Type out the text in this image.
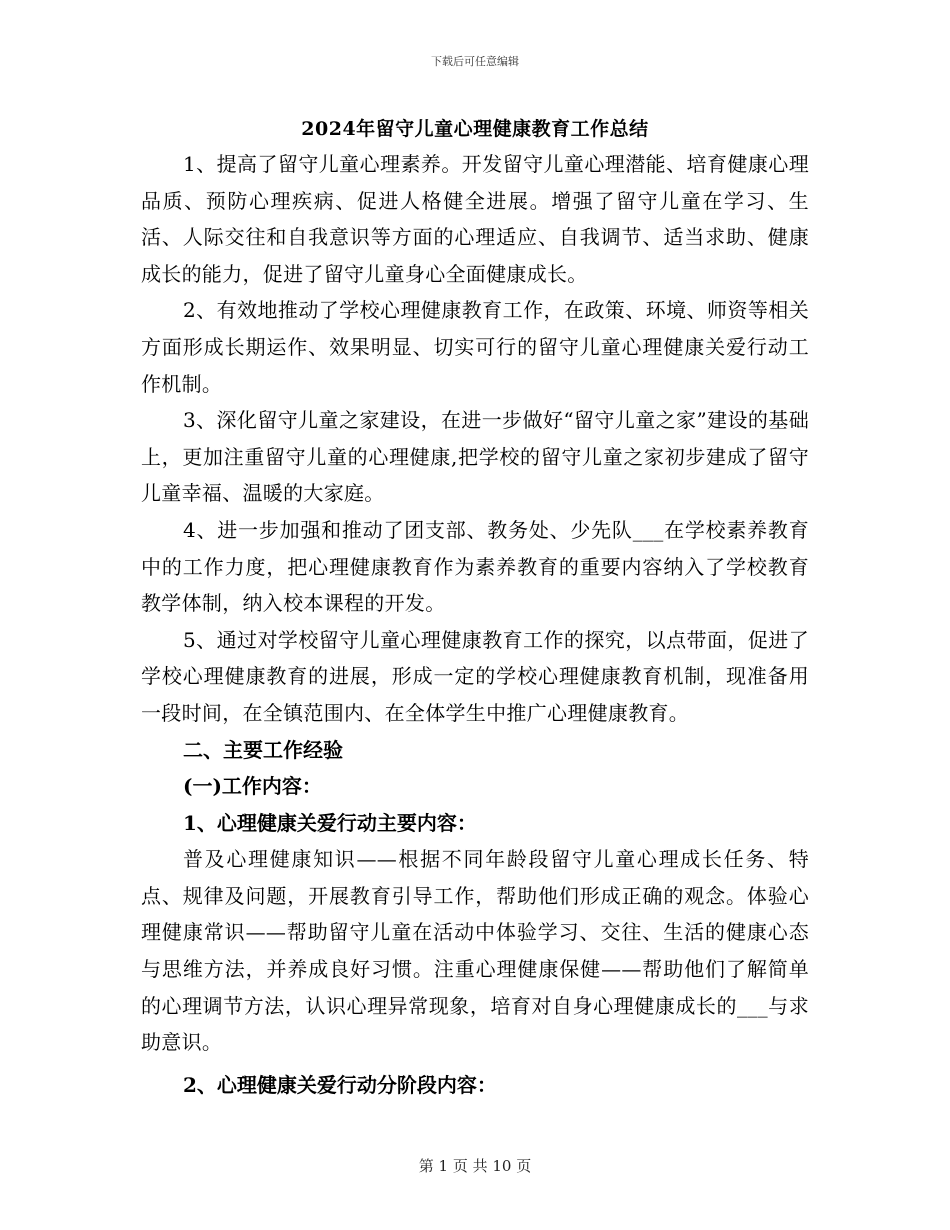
下载后可任意编辑
2024年留守儿童心理健康教育工作总结

1、提高了留守儿童心理素养。开发留守儿童心理潜能、培育健康心理品质、预防心理疾病、促进人格健全进展。增强了留守儿童在学习、生活、人际交往和自我意识等方面的心理适应、自我调节、适当求助、健康成长的能力，促进了留守儿童身心全面健康成长。

2、有效地推动了学校心理健康教育工作，在政策、环境、师资等相关方面形成长期运作、效果明显、切实可行的留守儿童心理健康关爱行动工作机制。

3、深化留守儿童之家建设，在进一步做好“留守儿童之家”建设的基础上，更加注重留守儿童的心理健康,把学校的留守儿童之家初步建成了留守儿童幸福、温暖的大家庭。

4、进一步加强和推动了团支部、教务处、少先队___在学校素养教育中的工作力度，把心理健康教育作为素养教育的重要内容纳入了学校教育教学体制，纳入校本课程的开发。

5、通过对学校留守儿童心理健康教育工作的探究，以点带面，促进了学校心理健康教育的进展，形成一定的学校心理健康教育机制，现准备用一段时间，在全镇范围内、在全体学生中推广心理健康教育。

二、主要工作经验

(一)工作内容：

1、心理健康关爱行动主要内容：

普及心理健康知识——根据不同年龄段留守儿童心理成长任务、特点、规律及问题，开展教育引导工作，帮助他们形成正确的观念。体验心理健康常识——帮助留守儿童在活动中体验学习、交往、生活的健康心态与思维方法，并养成良好习惯。注重心理健康保健——帮助他们了解简单的心理调节方法，认识心理异常现象，培育对自身心理健康成长的___与求助意识。

2、心理健康关爱行动分阶段内容：

第 1 页 共 10 页
